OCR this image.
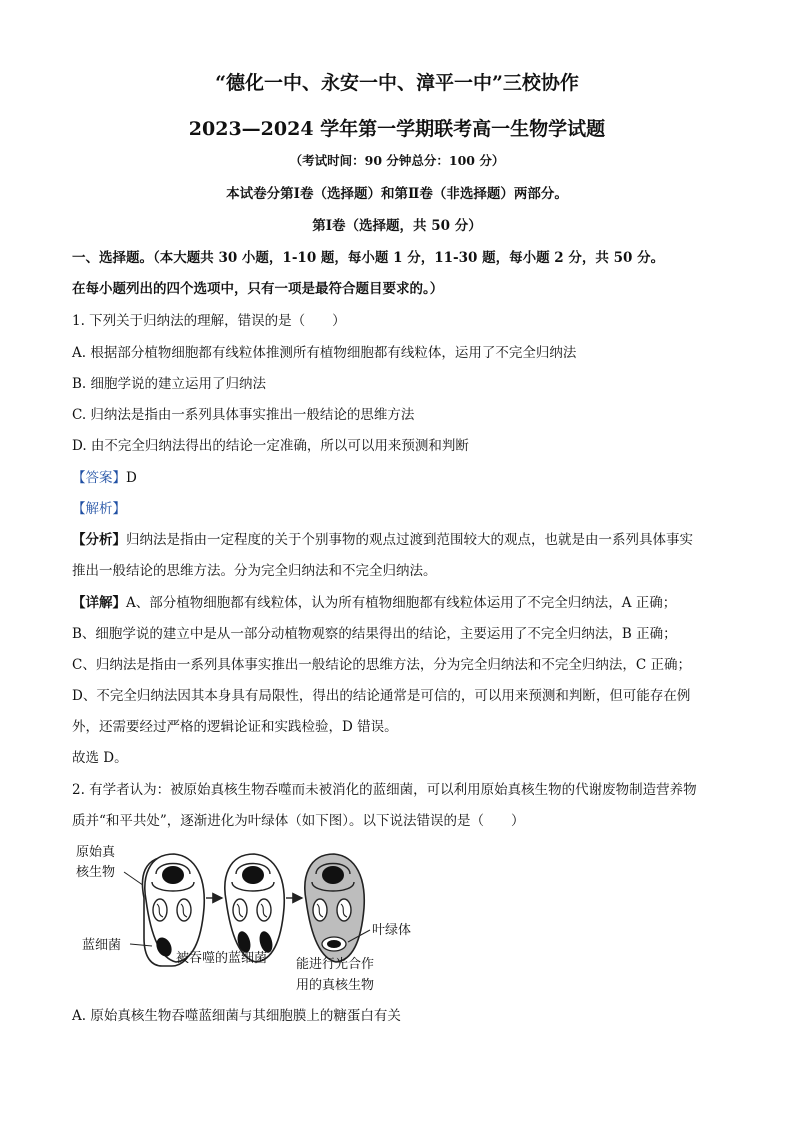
“德化一中、永安一中、漳平一中”三校协作
2023—2024 学年第一学期联考高一生物学试题
（考试时间：90 分钟总分：100 分）
本试卷分第Ⅰ卷（选择题）和第Ⅱ卷（非选择题）两部分。
第Ⅰ卷（选择题，共 50 分）
一、选择题。（本大题共 30 小题，1-10 题，每小题 1 分，11-30 题，每小题 2 分，共 50 分。
在每小题列出的四个选项中，只有一项是最符合题目要求的。）
1. 下列关于归纳法的理解，错误的是（　　）
A. 根据部分植物细胞都有线粒体推测所有植物细胞都有线粒体，运用了不完全归纳法
B. 细胞学说的建立运用了归纳法
C. 归纳法是指由一系列具体事实推出一般结论的思维方法
D. 由不完全归纳法得出的结论一定准确，所以可以用来预测和判断
【答案】D
【解析】
【分析】归纳法是指由一定程度的关于个别事物的观点过渡到范围较大的观点，也就是由一系列具体事实
推出一般结论的思维方法。分为完全归纳法和不完全归纳法。
【详解】A、部分植物细胞都有线粒体，认为所有植物细胞都有线粒体运用了不完全归纳法，A 正确；
B、细胞学说的建立中是从一部分动植物观察的结果得出的结论，主要运用了不完全归纳法，B 正确；
C、归纳法是指由一系列具体事实推出一般结论的思维方法，分为完全归纳法和不完全归纳法，C 正确；
D、不完全归纳法因其本身具有局限性，得出的结论通常是可信的，可以用来预测和判断，但可能存在例
外，还需要经过严格的逻辑论证和实践检验，D 错误。
故选 D。
2. 有学者认为：被原始真核生物吞噬而未被消化的蓝细菌，可以利用原始真核生物的代谢废物制造营养物
质并“和平共处”，逐渐进化为叶绿体（如下图）。以下说法错误的是（　　）
原始真
核生物
蓝细菌
被吞噬的蓝细菌
叶绿体
能进行光合作
用的真核生物
A. 原始真核生物吞噬蓝细菌与其细胞膜上的糖蛋白有关
